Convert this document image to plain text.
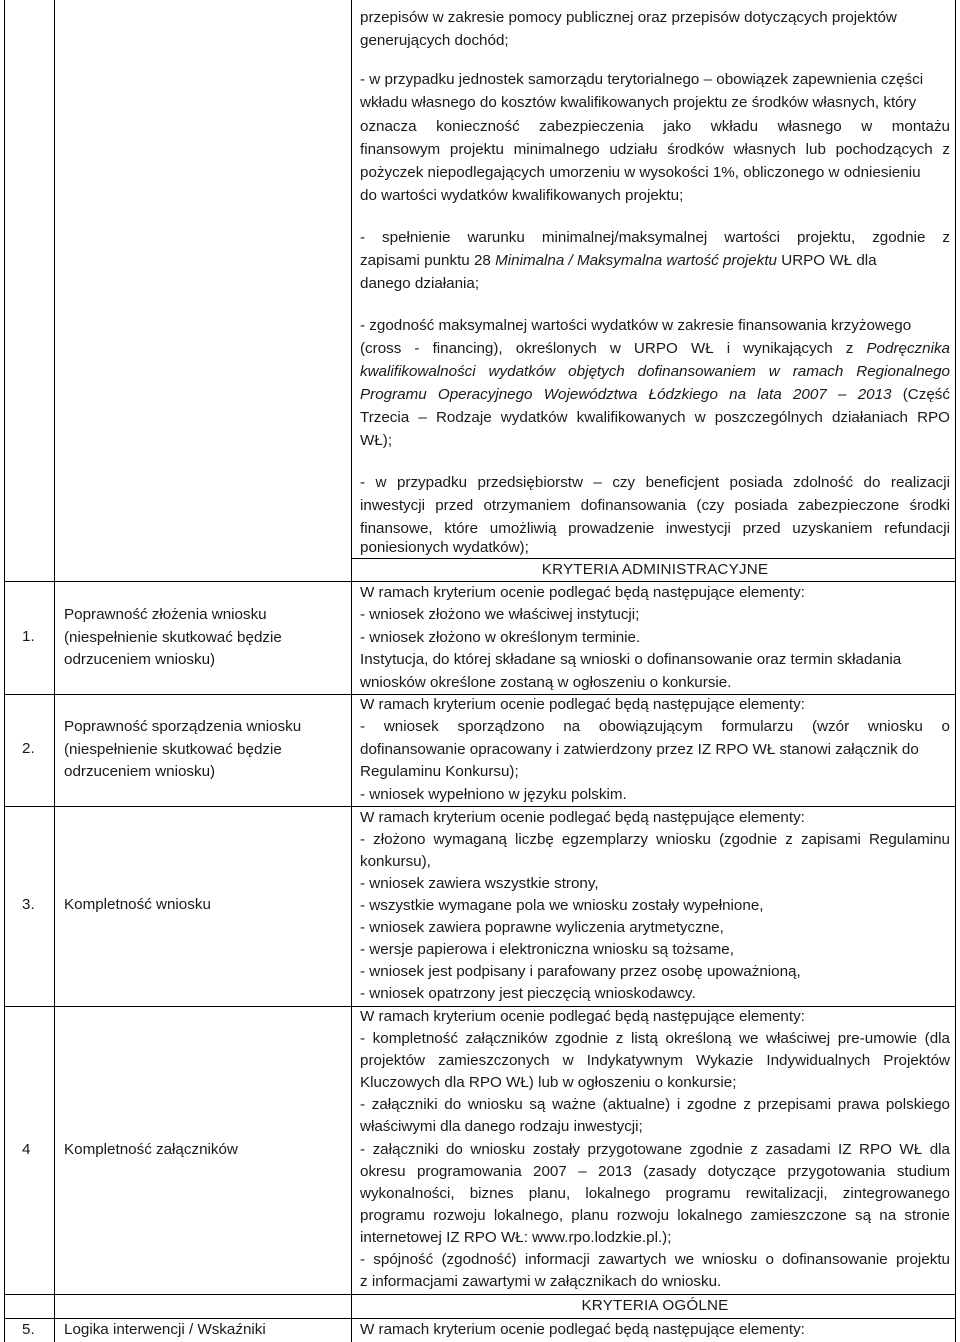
przepisów w zakresie pomocy publicznej oraz przepisów dotyczących projektów
generujących dochód;
- w przypadku jednostek samorządu terytorialnego – obowiązek zapewnienia części
wkładu własnego do kosztów kwalifikowanych projektu ze środków własnych, który
oznacza konieczność zabezpieczenia jako wkładu własnego w montażu
finansowym projektu minimalnego udziału środków własnych lub pochodzących z
pożyczek niepodlegających umorzeniu w wysokości 1%, obliczonego w odniesieniu
do wartości wydatków kwalifikowanych projektu;
- spełnienie warunku minimalnej/maksymalnej wartości projektu, zgodnie z
zapisami punktu 28 Minimalna / Maksymalna wartość projektu URPO WŁ dla
danego działania;
- zgodność maksymalnej wartości wydatków w zakresie finansowania krzyżowego
(cross - financing), określonych w URPO WŁ i wynikających z Podręcznika
kwalifikowalności wydatków objętych dofinansowaniem w ramach Regionalnego
Programu Operacyjnego Województwa Łódzkiego na lata 2007 – 2013 (Część
Trzecia – Rodzaje wydatków kwalifikowanych w poszczególnych działaniach RPO
WŁ);
- w przypadku przedsiębiorstw – czy beneficjent posiada zdolność do realizacji
inwestycji przed otrzymaniem dofinansowania (czy posiada zabezpieczone środki
finansowe, które umożliwią prowadzenie inwestycji przed uzyskaniem refundacji
poniesionych wydatków);
KRYTERIA ADMINISTRACYJNE
1.
Poprawność złożenia wniosku
(niespełnienie skutkować będzie
odrzuceniem wniosku)
W ramach kryterium ocenie podlegać będą następujące elementy:
- wniosek złożono we właściwej instytucji;
- wniosek złożono w określonym terminie.
Instytucja, do której składane są wnioski o dofinansowanie oraz termin składania
wniosków określone zostaną w ogłoszeniu o konkursie.
2.
Poprawność sporządzenia wniosku
(niespełnienie skutkować będzie
odrzuceniem wniosku)
W ramach kryterium ocenie podlegać będą następujące elementy:
- wniosek sporządzono na obowiązującym formularzu (wzór wniosku o
dofinansowanie opracowany i zatwierdzony przez IZ RPO WŁ stanowi załącznik do
Regulaminu Konkursu);
- wniosek wypełniono w języku polskim.
3. Kompletność wniosku
W ramach kryterium ocenie podlegać będą następujące elementy:
- złożono wymaganą liczbę egzemplarzy wniosku (zgodnie z zapisami Regulaminu
konkursu),
- wniosek zawiera wszystkie strony,
- wszystkie wymagane pola we wniosku zostały wypełnione,
- wniosek zawiera poprawne wyliczenia arytmetyczne,
- wersje papierowa i elektroniczna wniosku są tożsame,
- wniosek jest podpisany i parafowany przez osobę upoważnioną,
- wniosek opatrzony jest pieczęcią wnioskodawcy.
4 Kompletność załączników
W ramach kryterium ocenie podlegać będą następujące elementy:
- kompletność załączników zgodnie z listą określoną we właściwej pre-umowie (dla
projektów zamieszczonych w Indykatywnym Wykazie Indywidualnych Projektów
Kluczowych dla RPO WŁ) lub w ogłoszeniu o konkursie;
- załączniki do wniosku są ważne (aktualne) i zgodne z przepisami prawa polskiego
właściwymi dla danego rodzaju inwestycji;
- załączniki do wniosku zostały przygotowane zgodnie z zasadami IZ RPO WŁ dla
okresu programowania 2007 – 2013 (zasady dotyczące przygotowania studium
wykonalności, biznes planu, lokalnego programu rewitalizacji, zintegrowanego
programu rozwoju lokalnego, planu rozwoju lokalnego zamieszczone są na stronie
internetowej IZ RPO WŁ: www.rpo.lodzkie.pl.);
- spójność (zgodność) informacji zawartych we wniosku o dofinansowanie projektu
z informacjami zawartymi w załącznikach do wniosku.
KRYTERIA OGÓLNE
5. Logika interwencji / Wskaźniki	W ramach kryterium ocenie podlegać będą następujące elementy:
